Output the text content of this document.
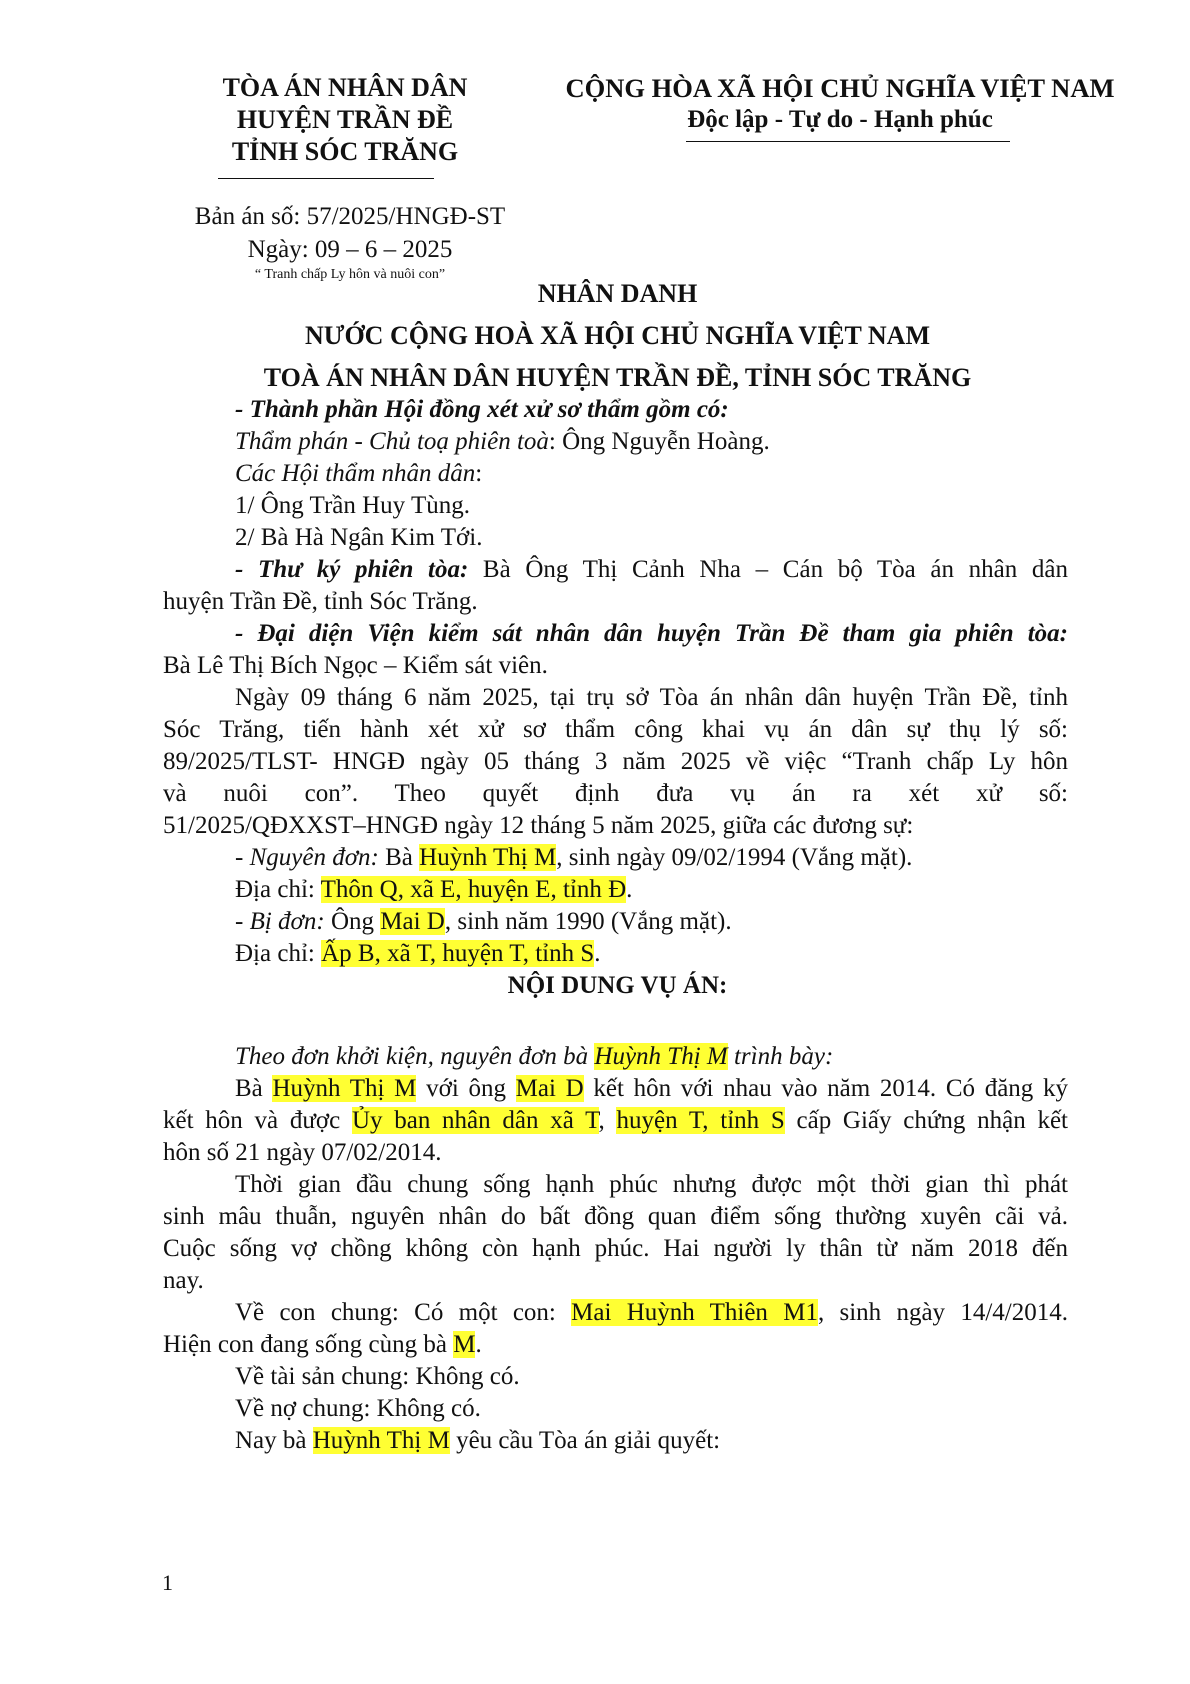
TÒA ÁN NHÂN DÂN
HUYỆN TRẦN ĐỀ
TỈNH SÓC TRĂNG
CỘNG HÒA XÃ HỘI CHỦ NGHĨA VIỆT NAM
Độc lập - Tự do - Hạnh phúc
Bản án số: 57/2025/HNGĐ-ST
Ngày: 09 – 6 – 2025
“ Tranh chấp Ly hôn và nuôi con”
NHÂN DANH
NƯỚC CỘNG HOÀ XÃ HỘI CHỦ NGHĨA VIỆT NAM
TOÀ ÁN NHÂN DÂN HUYỆN TRẦN ĐỀ, TỈNH SÓC TRĂNG
- Thành phần Hội đồng xét xử sơ thẩm gồm có:
Thẩm phán - Chủ toạ phiên toà: Ông Nguyễn Hoàng.
Các Hội thẩm nhân dân:
1/ Ông Trần Huy Tùng.
2/ Bà Hà Ngân Kim Tới.
- Thư ký phiên tòa: Bà Ông Thị Cảnh Nha – Cán bộ Tòa án nhân dân
huyện Trần Đề, tỉnh Sóc Trăng.
- Đại diện Viện kiểm sát nhân dân huyện Trần Đề tham gia phiên tòa:
Bà Lê Thị Bích Ngọc – Kiểm sát viên.
Ngày 09 tháng 6 năm 2025, tại trụ sở Tòa án nhân dân huyện Trần Đề, tỉnh
Sóc Trăng, tiến hành xét xử sơ thẩm công khai vụ án dân sự thụ lý số:
89/2025/TLST- HNGĐ ngày 05 tháng 3 năm 2025 về việc “Tranh chấp Ly hôn
và nuôi con”. Theo quyết định đưa vụ án ra xét xử số:
51/2025/QĐXXST–HNGĐ ngày 12 tháng 5 năm 2025, giữa các đương sự:
- Nguyên đơn: Bà Huỳnh Thị M, sinh ngày 09/02/1994 (Vắng mặt).
Địa chỉ: Thôn Q, xã E, huyện E, tỉnh Đ.
- Bị đơn: Ông Mai D, sinh năm 1990 (Vắng mặt).
Địa chỉ: Ấp B, xã T, huyện T, tỉnh S.
NỘI DUNG VỤ ÁN:
Theo đơn khởi kiện, nguyên đơn bà Huỳnh Thị M trình bày:
Bà Huỳnh Thị M với ông Mai D kết hôn với nhau vào năm 2014. Có đăng ký
kết hôn và được Ủy ban nhân dân xã T, huyện T, tỉnh S cấp Giấy chứng nhận kết
hôn số 21 ngày 07/02/2014.
Thời gian đầu chung sống hạnh phúc nhưng được một thời gian thì phát
sinh mâu thuẫn, nguyên nhân do bất đồng quan điểm sống thường xuyên cãi vả.
Cuộc sống vợ chồng không còn hạnh phúc. Hai người ly thân từ năm 2018 đến
nay.
Về con chung: Có một con: Mai Huỳnh Thiên M1, sinh ngày 14/4/2014.
Hiện con đang sống cùng bà M.
Về tài sản chung: Không có.
Về nợ chung: Không có.
Nay bà Huỳnh Thị M yêu cầu Tòa án giải quyết:
1
